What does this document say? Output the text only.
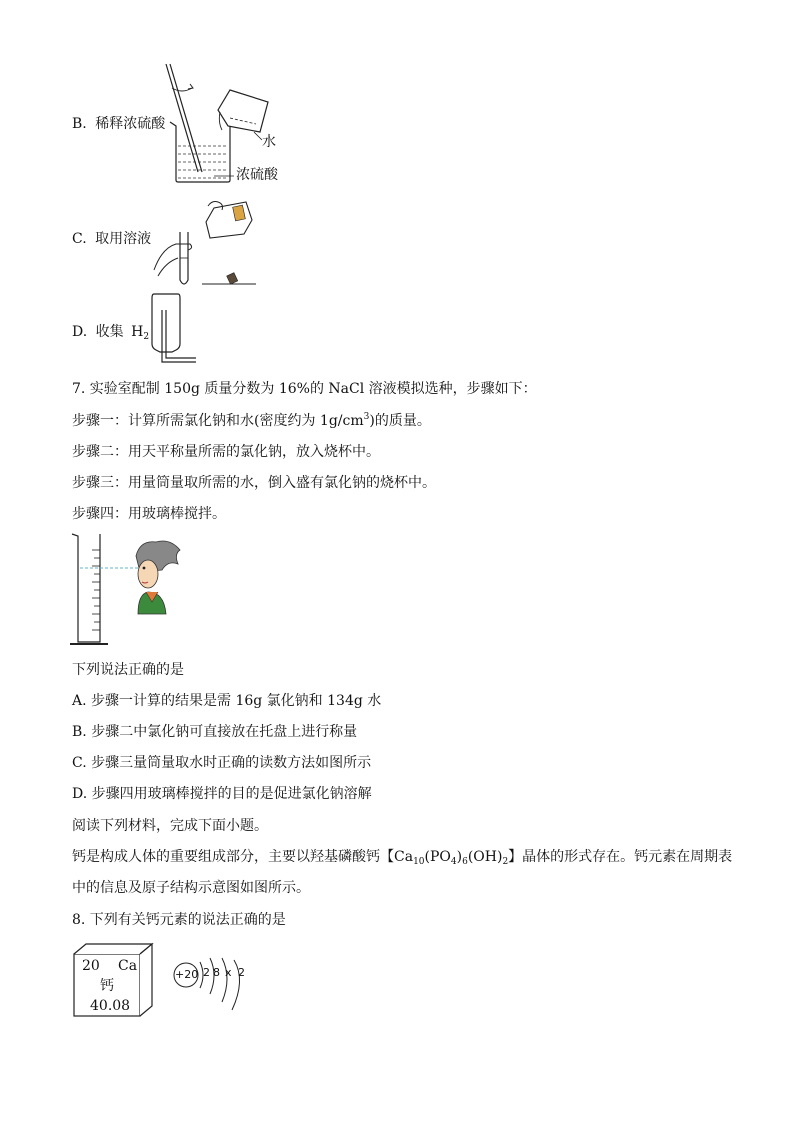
B. 稀释浓硫酸
水
浓硫酸
C. 取用溶液
D. 收集 $H_2$
7. 实验室配制 150g 质量分数为 16%的 NaCl 溶液模拟选种，步骤如下：
步骤一：计算所需氯化钠和水(密度约为 $1g/cm^3$)的质量。
步骤二：用天平称量所需的氯化钠，放入烧杯中。
步骤三：用量筒量取所需的水，倒入盛有氯化钠的烧杯中。
步骤四：用玻璃棒搅拌。
下列说法正确的是
A. 步骤一计算的结果是需 16g 氯化钠和 134g 水
B. 步骤二中氯化钠可直接放在托盘上进行称量
C. 步骤三量筒量取水时正确的读数方法如图所示
D. 步骤四用玻璃棒搅拌的目的是促进氯化钠溶解
阅读下列材料，完成下面小题。
钙是构成人体的重要组成部分，主要以羟基磷酸钙【$Ca_{10}(PO_4)_6(OH)_2$】晶体的形式存在。钙元素在周期表
中的信息及原子结构示意图如图所示。
8. 下列有关钙元素的说法正确的是
20 Ca
钙
40.08
+20 2 8 x 2
